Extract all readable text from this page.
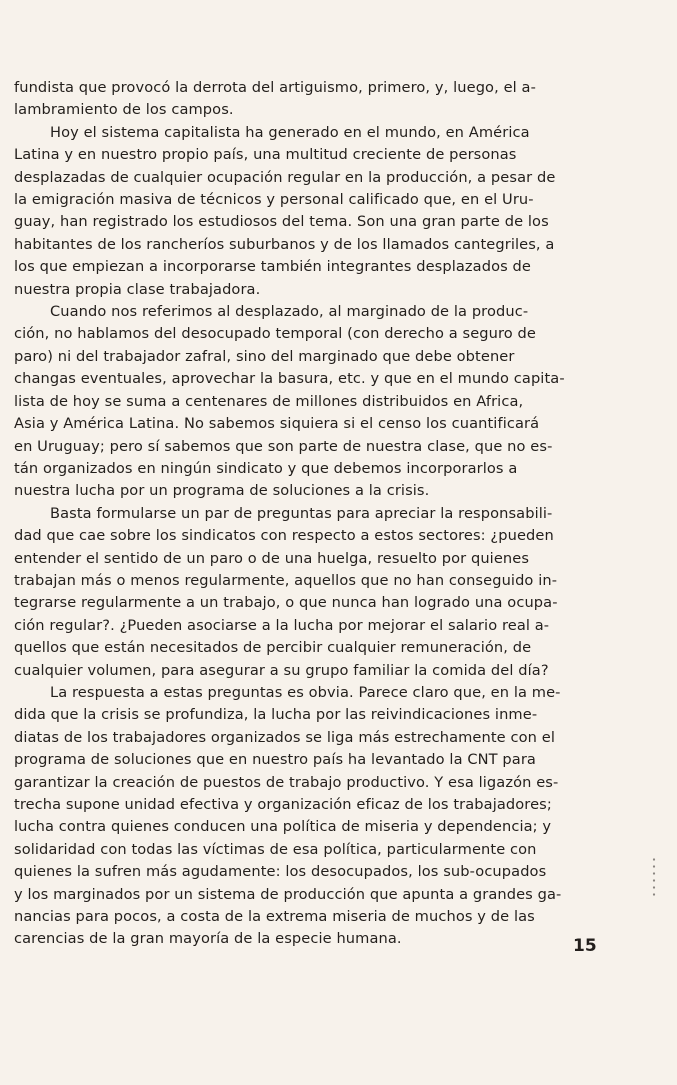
fundista que provocó la derrota del artiguismo, primero, y, luego, el a-
lambramiento de los campos.
Hoy el sistema capitalista ha generado en el mundo, en América
Latina y en nuestro propio país, una multitud creciente de personas
desplazadas de cualquier ocupación regular en la producción, a pesar de
la emigración masiva de técnicos y personal calificado que, en el Uru-
guay, han registrado los estudiosos del tema. Son una gran parte de los
habitantes de los rancheríos suburbanos y de los llamados cantegriles, a
los que empiezan a incorporarse también integrantes desplazados de
nuestra propia clase trabajadora.
Cuando nos referimos al desplazado, al marginado de la produc-
ción, no hablamos del desocupado temporal (con derecho a seguro de
paro) ni del trabajador zafral, sino del marginado que debe obtener
changas eventuales, aprovechar la basura, etc. y que en el mundo capita-
lista de hoy se suma a centenares de millones distribuidos en Africa,
Asia y América Latina. No sabemos siquiera si el censo los cuantificará
en Uruguay; pero sí sabemos que son parte de nuestra clase, que no es-
tán organizados en ningún sindicato y que debemos incorporarlos a
nuestra lucha por un programa de soluciones a la crisis.
Basta formularse un par de preguntas para apreciar la responsabili-
dad que cae sobre los sindicatos con respecto a estos sectores: ¿pueden
entender el sentido de un paro o de una huelga, resuelto por quienes
trabajan más o menos regularmente, aquellos que no han conseguido in-
tegrarse regularmente a un trabajo, o que nunca han logrado una ocupa-
ción regular?. ¿Pueden asociarse a la lucha por mejorar el salario real a-
quellos que están necesitados de percibir cualquier remuneración, de
cualquier volumen, para asegurar a su grupo familiar la comida del día?
La respuesta a estas preguntas es obvia. Parece claro que, en la me-
dida que la crisis se profundiza, la lucha por las reivindicaciones inme-
diatas de los trabajadores organizados se liga más estrechamente con el
programa de soluciones que en nuestro país ha levantado la CNT para
garantizar la creación de puestos de trabajo productivo. Y esa ligazón es-
trecha supone unidad efectiva y organización eficaz de los trabajadores;
lucha contra quienes conducen una política de miseria y dependencia; y
solidaridad con todas las víctimas de esa política, particularmente con
quienes la sufren más agudamente: los desocupados, los sub-ocupados
y los marginados por un sistema de producción que apunta a grandes ga-
nancias para pocos, a costa de la extrema miseria de muchos y de las
carencias de la gran mayoría de la especie humana.	15
